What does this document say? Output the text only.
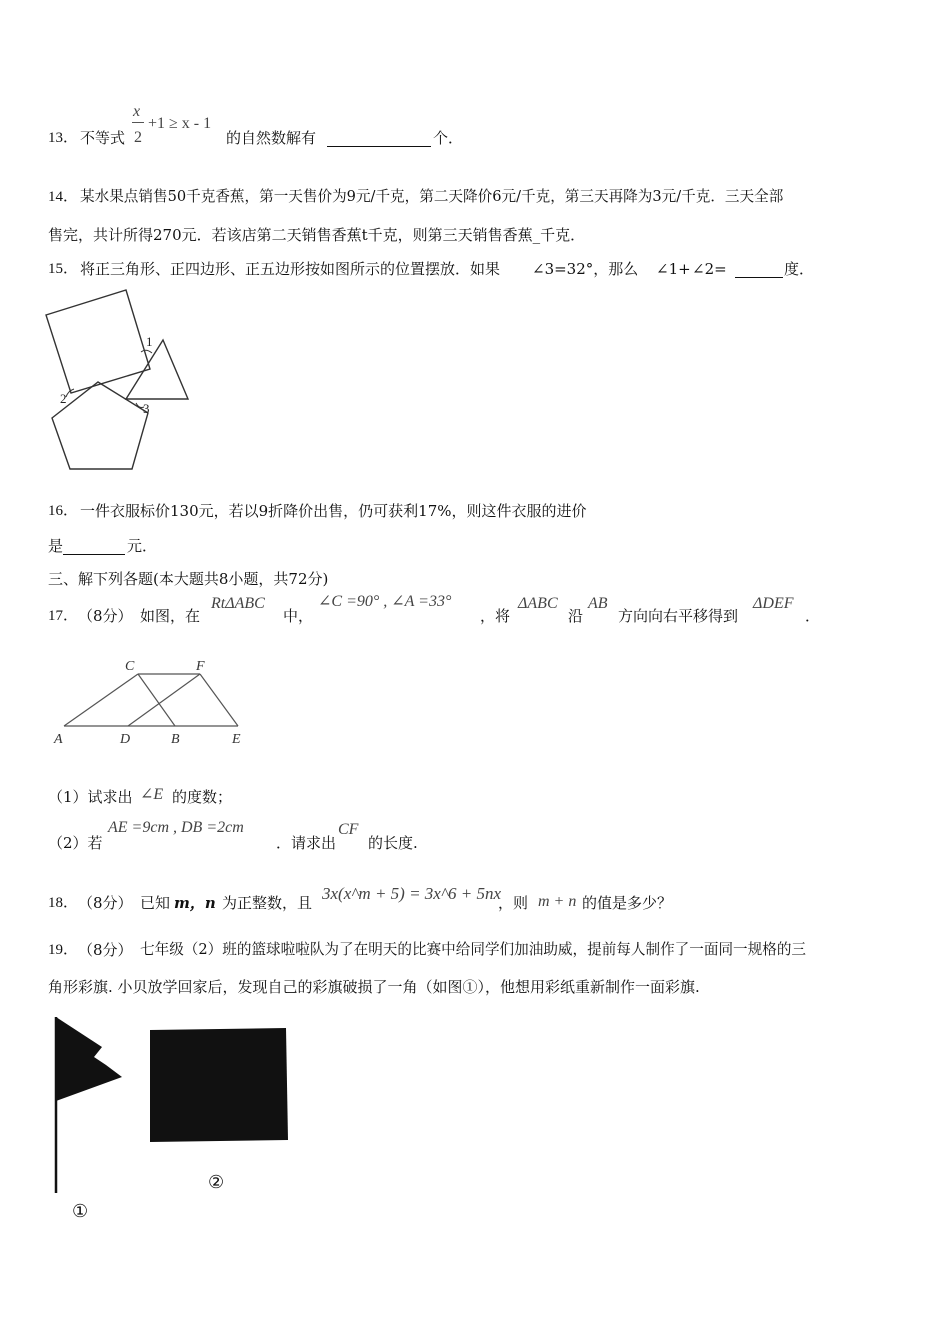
13． 不等式
x
2
+1 ≥ x - 1
的自然数解有	个．
14． 某水果点销售50千克香蕉，第一天售价为9元/千克，第二天降价6元/千克，第三天再降为3元/千克．三天全部
售完，共计所得270元．若该店第二天销售香蕉t千克，则第三天销售香蕉_千克．
15． 将正三角形、正四边形、正五边形按如图所示的位置摆放．如果 ∠3=32°，那么 ∠1+ ∠2=	度．
1
2
3
16． 一件衣服标价130元，若以9折降价出售，仍可获利17%，则这件衣服的进价
是	元．
三、解下列各题(本大题共8小题，共72分)
17． （8分） 如图，在
RtΔABC
中，
∠C =90° , ∠A =33°
，将
ΔABC
沿
AB
方向向右平移得到
ΔDEF
．
C	F
A	D	B	E
（1）试求出 ∠E 的度数；
（2）若
AE =9cm , DB =2cm
．请求出
CF
的长度.
18． （8分） 已知 m，n 为正整数，且 3x(x^m + 5) = 3x^6 + 5nx
，则 m + n 的值是多少？
19． （8分） 七年级（2）班的篮球啦啦队为了在明天的比赛中给同学们加油助威，提前每人制作了一面同一规格的三
角形彩旗. 小贝放学回家后，发现自己的彩旗破损了一角（如图①），他想用彩纸重新制作一面彩旗.
①
②
